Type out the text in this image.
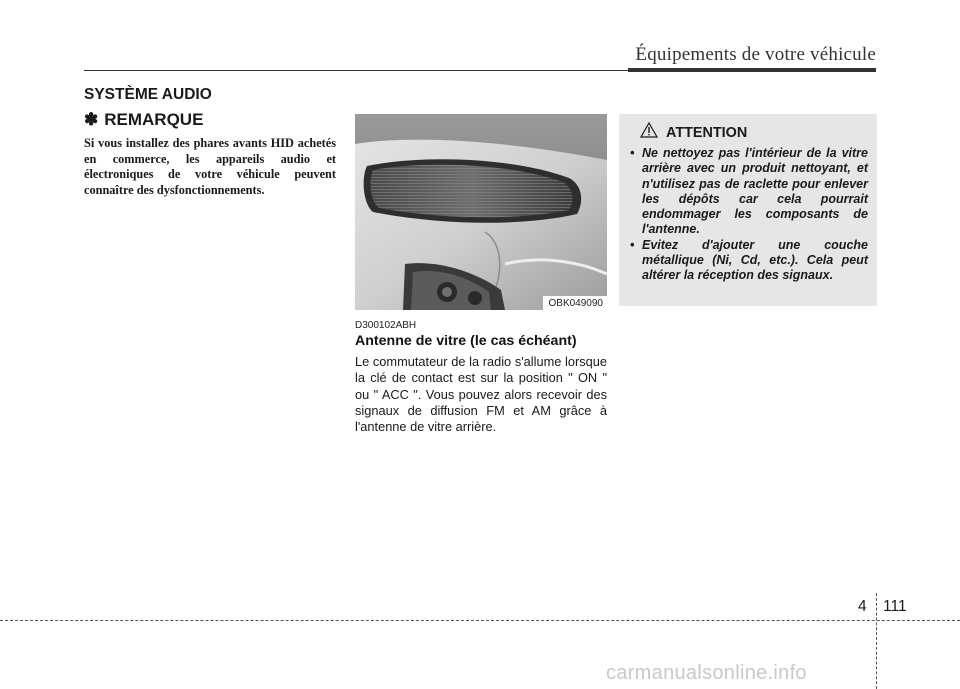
Équipements de votre véhicule
SYSTÈME AUDIO
✽ REMARQUE

Si vous installez des phares avants HID achetés en commerce, les appareils audio et électroniques de votre véhicule peuvent connaître des dysfonctionnements.

OBK049090
D300102ABH
Antenne de vitre (le cas échéant)

Le commutateur de la radio s'allume lorsque la clé de contact est sur la position " ON " ou " ACC ". Vous pouvez alors recevoir des signaux de diffusion FM et AM grâce à l'antenne de vitre arrière.

ATTENTION
• Ne nettoyez pas l'intérieur de la vitre arrière avec un produit nettoyant, et n'utilisez pas de raclette pour enlever les dépôts car cela pourrait endommager les composants de l'antenne.
• Evitez d'ajouter une couche métallique (Ni, Cd, etc.). Cela peut altérer la réception des signaux.
4 111
carmanualsonline.info
